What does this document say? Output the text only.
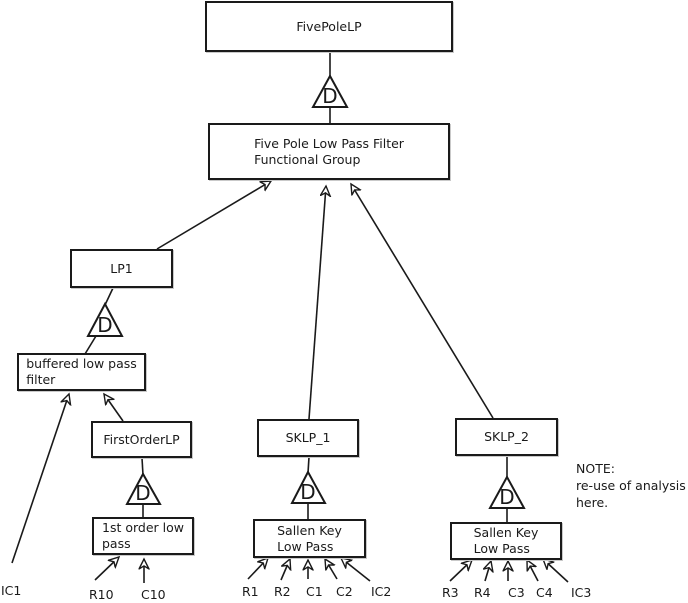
D
D
D	D	D
FivePoleLP
Five Pole Low Pass Filter
Functional Group
LP1
buffered low pass
filter
FirstOrderLP
1st order low
pass
SKLP_1
Sallen Key
Low Pass
SKLP_2
Sallen Key
Low Pass
IC1	R10 C10	R1 R2 C1 C2 IC2	R3 R4 C3 C4 IC3
NOTE:
re-use of analysis
here.
